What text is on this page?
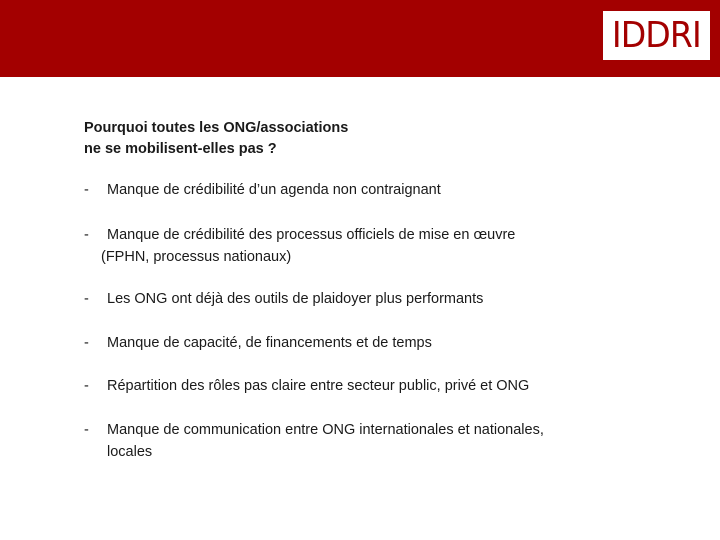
IDDRI
Pourquoi toutes les ONG/associations
ne se mobilisent-elles pas ?
-	Manque de crédibilité d’un agenda non contraignant
-	Manque de crédibilité des processus officiels de mise en œuvre
(FPHN, processus nationaux)
-	Les ONG ont déjà des outils de plaidoyer plus performants
-	Manque de capacité, de financements et de temps
-	Répartition des rôles pas claire entre secteur public, privé et ONG
-	Manque de communication entre ONG internationales et nationales,
locales
